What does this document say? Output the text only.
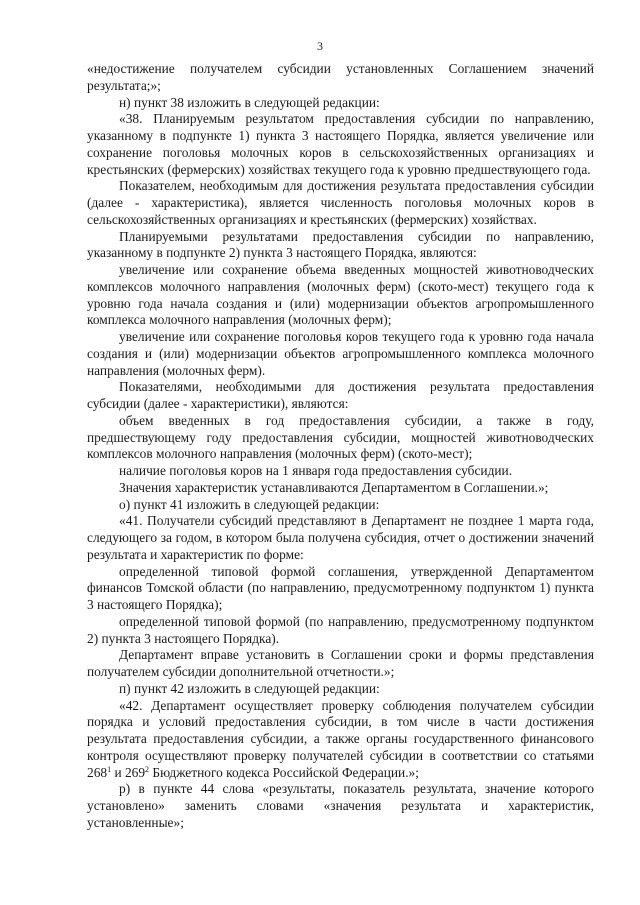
3

«недостижение получателем субсидии установленных Соглашением значений результата;»;

н) пункт 38 изложить в следующей редакции:

«38. Планируемым результатом предоставления субсидии по направлению, указанному в подпункте 1) пункта 3 настоящего Порядка, является увеличение или сохранение поголовья молочных коров в сельскохозяйственных организациях и крестьянских (фермерских) хозяйствах текущего года к уровню предшествующего года.

Показателем, необходимым для достижения результата предоставления субсидии (далее - характеристика), является численность поголовья молочных коров в сельскохозяйственных организациях и крестьянских (фермерских) хозяйствах.

Планируемыми результатами предоставления субсидии по направлению, указанному в подпункте 2) пункта 3 настоящего Порядка, являются:

увеличение или сохранение объема введенных мощностей животноводческих комплексов молочного направления (молочных ферм) (ското-мест) текущего года к уровню года начала создания и (или) модернизации объектов агропромышленного комплекса молочного направления (молочных ферм);

увеличение или сохранение поголовья коров текущего года к уровню года начала создания и (или) модернизации объектов агропромышленного комплекса молочного направления (молочных ферм).

Показателями, необходимыми для достижения результата предоставления субсидии (далее - характеристики), являются:

объем введенных в год предоставления субсидии, а также в году, предшествующему году предоставления субсидии, мощностей животноводческих комплексов молочного направления (молочных ферм) (ското-мест);

наличие поголовья коров на 1 января года предоставления субсидии.

Значения характеристик устанавливаются Департаментом в Соглашении.»;

о) пункт 41 изложить в следующей редакции:

«41. Получатели субсидий представляют в Департамент не позднее 1 марта года, следующего за годом, в котором была получена субсидия, отчет о достижении значений результата и характеристик по форме:

определенной типовой формой соглашения, утвержденной Департаментом финансов Томской области (по направлению, предусмотренному подпунктом 1) пункта 3 настоящего Порядка);

определенной типовой формой (по направлению, предусмотренному подпунктом 2) пункта 3 настоящего Порядка).

Департамент вправе установить в Соглашении сроки и формы представления получателем субсидии дополнительной отчетности.»;

п) пункт 42 изложить в следующей редакции:

«42. Департамент осуществляет проверку соблюдения получателем субсидии порядка и условий предоставления субсидии, в том числе в части достижения результата предоставления субсидии, а также органы государственного финансового контроля осуществляют проверку получателей субсидии в соответствии со статьями $268^1$ и $269^2$ Бюджетного кодекса Российской Федерации.»;

р) в пункте 44 слова «результаты, показатель результата, значение которого установлено» заменить словами «значения результата и характеристик, установленные»;
